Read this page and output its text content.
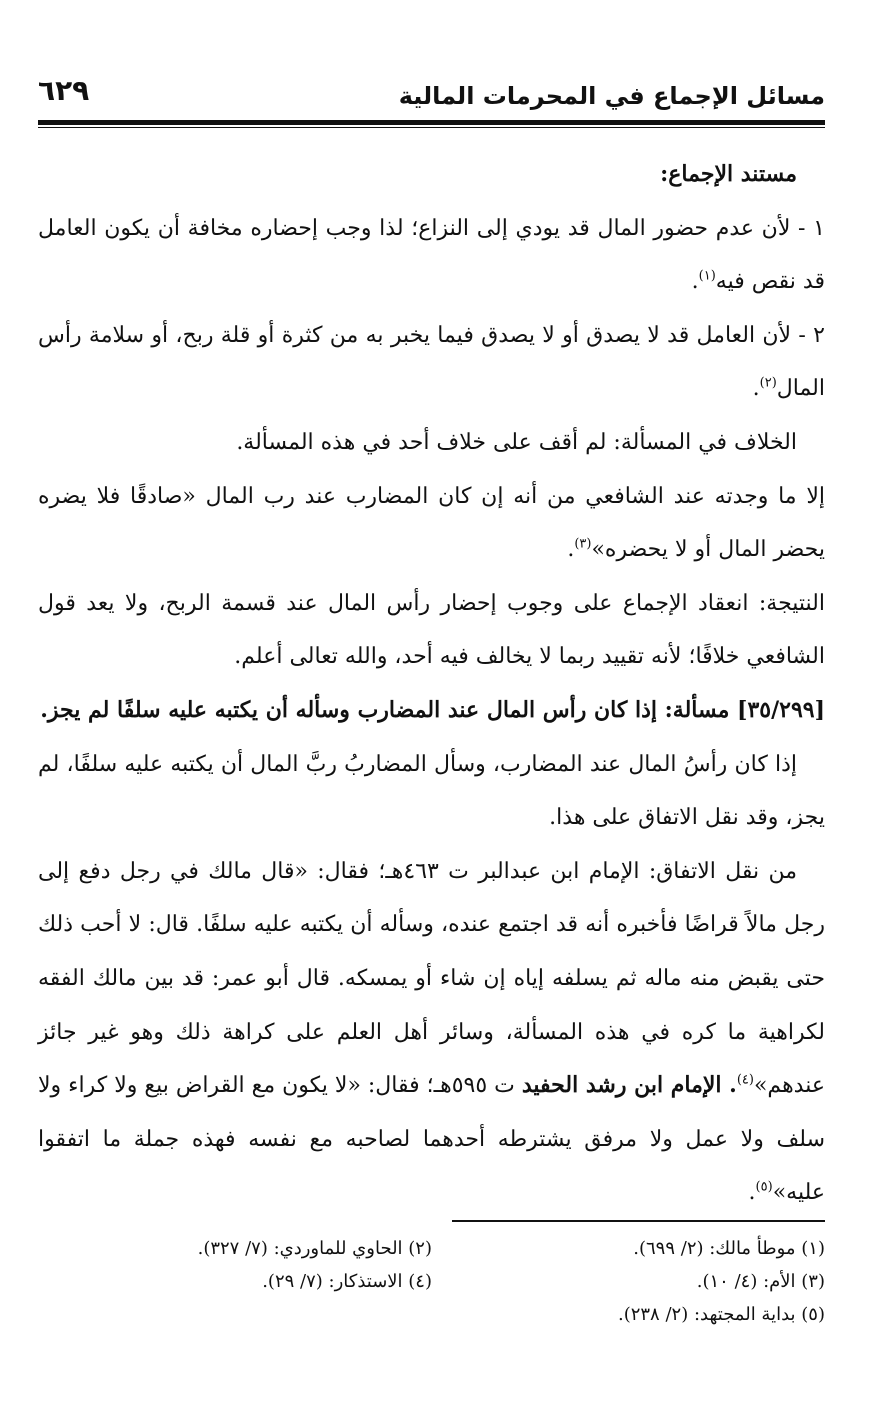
مسائل الإجماع في المحرمات المالية
٦٢٩

مستند الإجماع:

١ - لأن عدم حضور المال قد يودي إلى النزاع؛ لذا وجب إحضاره مخافة أن يكون العامل قد نقص فيه$^{(١)}$.

٢ - لأن العامل قد لا يصدق أو لا يصدق فيما يخبر به من كثرة أو قلة ربح، أو سلامة رأس المال$^{(٢)}$.

الخلاف في المسألة: لم أقف على خلاف أحد في هذه المسألة.

إلا ما وجدته عند الشافعي من أنه إن كان المضارب عند رب المال «صادقًا فلا يضره يحضر المال أو لا يحضره»$^{(٣)}$.

النتيجة: انعقاد الإجماع على وجوب إحضار رأس المال عند قسمة الربح، ولا يعد قول الشافعي خلافًا؛ لأنه تقييد ربما لا يخالف فيه أحد، والله تعالى أعلم.

[٣٥/٢٩٩] مسألة: إذا كان رأس المال عند المضارب وسأله أن يكتبه عليه سلفًا لم يجز.

إذا كان رأسُ المال عند المضارب، وسأل المضاربُ ربَّ المال أن يكتبه عليه سلفًا، لم يجز، وقد نقل الاتفاق على هذا.

من نقل الاتفاق: الإمام ابن عبدالبر ت ٤٦٣هـ؛ فقال: «قال مالك في رجل دفع إلى رجل مالاً قراضًا فأخبره أنه قد اجتمع عنده، وسأله أن يكتبه عليه سلفًا. قال: لا أحب ذلك حتى يقبض منه ماله ثم يسلفه إياه إن شاء أو يمسكه. قال أبو عمر: قد بين مالك الفقه لكراهية ما كره في هذه المسألة، وسائر أهل العلم على كراهة ذلك وهو غير جائز عندهم»$^{(٤)}$. الإمام ابن رشد الحفيد ت ٥٩٥هـ؛ فقال: «لا يكون مع القراض بيع ولا كراء ولا سلف ولا عمل ولا مرفق يشترطه أحدهما لصاحبه مع نفسه فهذه جملة ما اتفقوا عليه»$^{(٥)}$.

(١) موطأ مالك: (٢/ ٦٩٩).
(٢) الحاوي للماوردي: (٧/ ٣٢٧).
(٣) الأم: (٤/ ١٠).
(٤) الاستذكار: (٧/ ٢٩).
(٥) بداية المجتهد: (٢/ ٢٣٨).
